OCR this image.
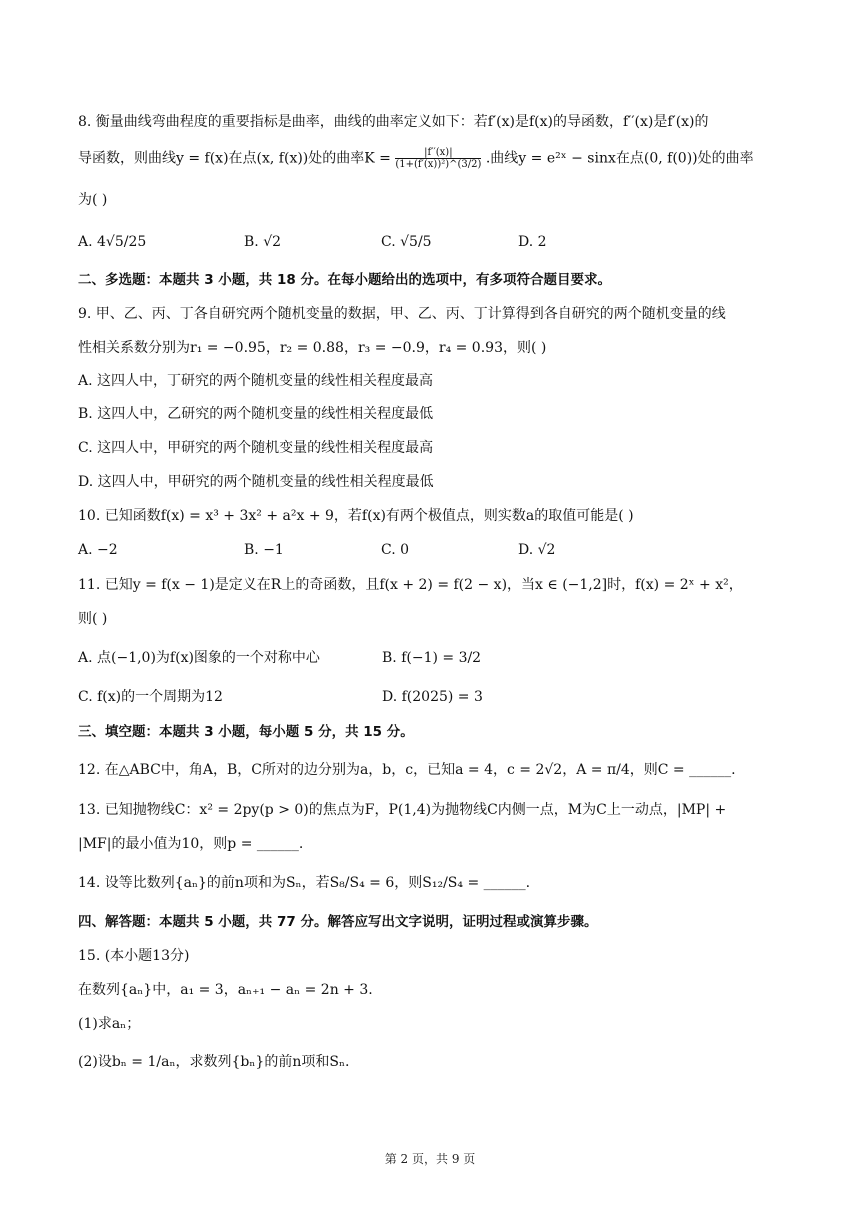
8. 衡量曲线弯曲程度的重要指标是曲率，曲线的曲率定义如下：若f′(x)是f(x)的导函数，f′′(x)是f′(x)的
导函数，则曲线y = f(x)在点(x, f(x))处的曲率$K = \frac{|f''(x)|}{\text{(1+(f′(x))²)\textasciicircum{}(3/2)}}$ .曲线y = e²ˣ − sinx在点(0, f(0))处的曲率
为( )
A. 4√5/25	B. √2	C. √5/5	D. 2
二、多选题：本题共 3 小题，共 18 分。在每小题给出的选项中，有多项符合题目要求。
9. 甲、乙、丙、丁各自研究两个随机变量的数据，甲、乙、丙、丁计算得到各自研究的两个随机变量的线
性相关系数分别为r₁ = −0.95，r₂ = 0.88，r₃ = −0.9，r₄ = 0.93，则( )
A. 这四人中，丁研究的两个随机变量的线性相关程度最高
B. 这四人中，乙研究的两个随机变量的线性相关程度最低
C. 这四人中，甲研究的两个随机变量的线性相关程度最高
D. 这四人中，甲研究的两个随机变量的线性相关程度最低
10. 已知函数f(x) = x³ + 3x² + a²x + 9，若f(x)有两个极值点，则实数a的取值可能是( )
A. −2	B. −1	C. 0	D. √2
11. 已知y = f(x − 1)是定义在R上的奇函数，且f(x + 2) = f(2 − x)，当x ∈ (−1,2]时，f(x) = 2ˣ + x²，
则( )
A. 点(−1,0)为f(x)图象的一个对称中心	B. f(−1) = 3/2
C. f(x)的一个周期为12	D. f(2025) = 3
三、填空题：本题共 3 小题，每小题 5 分，共 15 分。
12. 在△ABC中，角A，B，C所对的边分别为a，b，c，已知a = 4，c = 2√2，A = π/4，则C = ______.
13. 已知抛物线C：x² = 2py(p > 0)的焦点为F，P(1,4)为抛物线C内侧一点，M为C上一动点，|MP| +
|MF|的最小值为10，则p = ______.
14. 设等比数列{aₙ}的前n项和为Sₙ，若S₈/S₄ = 6，则S₁₂/S₄ = ______.
四、解答题：本题共 5 小题，共 77 分。解答应写出文字说明，证明过程或演算步骤。
15. (本小题13分)
在数列{aₙ}中，a₁ = 3，aₙ₊₁ − aₙ = 2n + 3.
(1)求aₙ；
(2)设bₙ = 1/aₙ，求数列{bₙ}的前n项和Sₙ.
第 2 页，共 9 页
